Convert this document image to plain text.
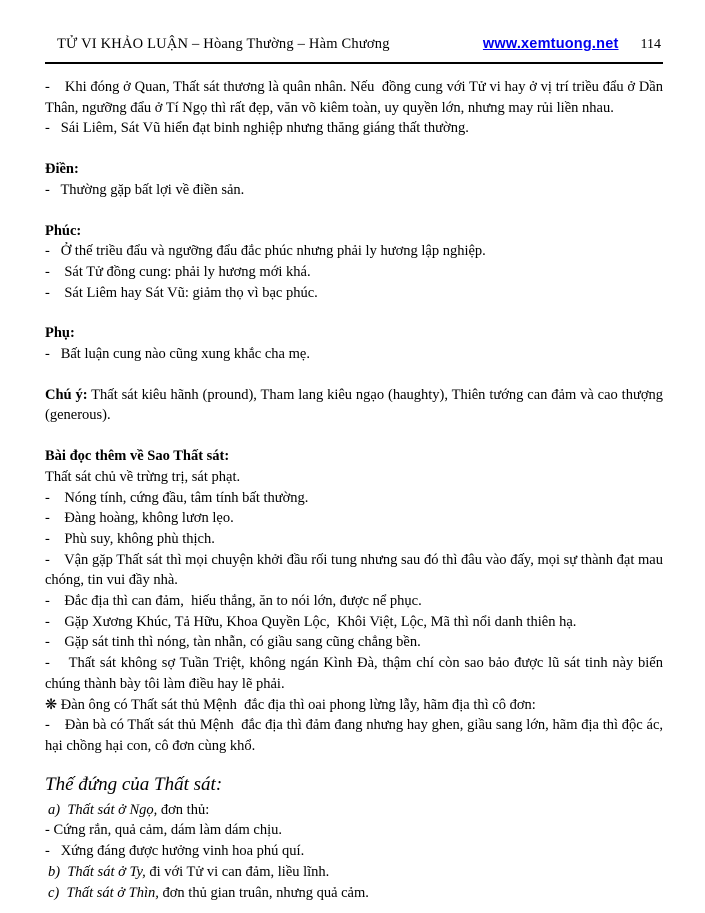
TỬ VI KHẢO LUẬN – Hòang Thường – Hàm Chương	www.xemtuong.net 114

-    Khi đóng ở Quan, Thất sát thương là quân nhân. Nếu  đồng cung với Tử vi hay ở vị trí triều đẩu ở Dần Thân, ngưỡng đẩu ở Tí Ngọ thì rất đẹp, văn võ kiêm toàn, uy quyền lớn, nhưng may rủi liền nhau.

-   Sái Liêm, Sát Vũ hiển đạt binh nghiệp nhưng thăng giáng thất thường.

Điền:

-   Thường gặp bất lợi về điền sản.

Phúc:

-   Ở thế triều đẩu và ngưỡng đẩu đắc phúc nhưng phải ly hương lập nghiệp.

-    Sát Tử đồng cung: phải ly hương mới khá.

-    Sát Liêm hay Sát Vũ: giảm thọ vì bạc phúc.

Phụ:

-   Bất luận cung nào cũng xung khắc cha mẹ.

Chú ý: Thất sát kiêu hãnh (pround), Tham lang kiêu ngạo (haughty), Thiên tướng can đảm và cao thượng (generous).

Bài đọc thêm về Sao Thất sát:

Thất sát chủ về trừng trị, sát phạt.

-    Nóng tính, cứng đầu, tâm tính bất thường.

-    Đàng hoàng, không lươn lẹo.

-    Phù suy, không phù thịch.

-    Vận gặp Thất sát thì mọi chuyện khởi đầu rối tung nhưng sau đó thì đâu vào đấy, mọi sự thành đạt mau chóng, tin vui đầy nhà.

-    Đắc địa thì can đảm,  hiếu thắng, ăn to nói lớn, được nể phục.

-    Gặp Xương Khúc, Tả Hữu, Khoa Quyền Lộc,  Khôi Việt, Lộc, Mã thì nổi danh thiên hạ.

-    Gặp sát tinh thì nóng, tàn nhẫn, có giầu sang cũng chẳng bền.

-    Thất sát không sợ Tuần Triệt, không ngán Kình Đà, thậm chí còn sao bảo được lũ sát tinh này biến chúng thành bày tôi làm điều hay lẽ phải.

❋ Đàn ông có Thất sát thủ Mệnh  đắc địa thì oai phong lừng lẫy, hãm địa thì cô đơn:

-    Đàn bà có Thất sát thủ Mệnh  đắc địa thì đảm đang nhưng hay ghen, giầu sang lớn, hãm địa thì độc ác, hại chồng hại con, cô đơn cùng khổ.

Thế đứng của Thất sát:

a)  Thất sát ở Ngọ, đơn thủ:

- Cứng rắn, quả cảm, dám làm dám chịu.

-   Xứng đáng được hưởng vinh hoa phú quí.

b)  Thất sát ở Ty, đi với Tử vi can đảm, liều lĩnh.

c)  Thất sát ở Thìn, đơn thủ gian truân, nhưng quả cảm.
